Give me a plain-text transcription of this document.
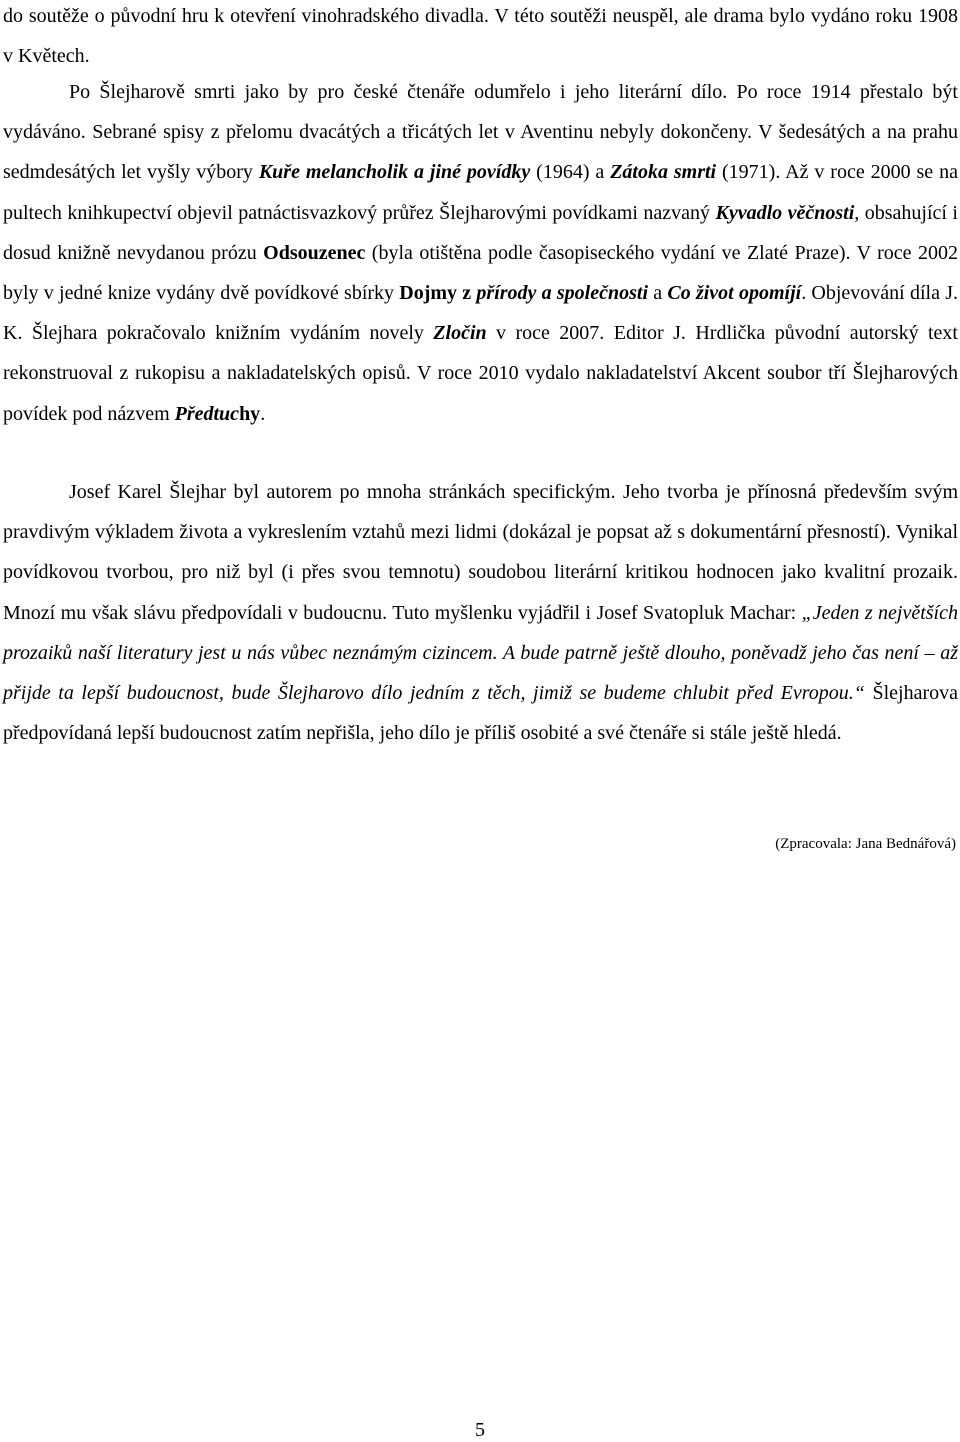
do soutěže o původní hru k otevření vinohradského divadla. V této soutěži neuspěl, ale drama bylo vydáno roku 1908 v Květech.

Po Šlejharově smrti jako by pro české čtenáře odumřelo i jeho literární dílo. Po roce 1914 přestalo být vydáváno. Sebrané spisy z přelomu dvacátých a třicátých let v Aventinu nebyly dokončeny. V šedesátých a na prahu sedmdesátých let vyšly výbory Kuře melancholik a jiné povídky (1964) a Zátoka smrti (1971). Až v roce 2000 se na pultech knihkupectví objevil patnáctisvazkový průřez Šlejharovými povídkami nazvaný Kyvadlo věčnosti, obsahující i dosud knižně nevydanou prózu Odsouzenec (byla otištěna podle časopiseckého vydání ve Zlaté Praze). V roce 2002 byly v jedné knize vydány dvě povídkové sbírky Dojmy z přírody a společnosti a Co život opomíjí. Objevování díla J. K. Šlejhara pokračovalo knižním vydáním novely Zločin v roce 2007. Editor J. Hrdlička původní autorský text rekonstruoval z rukopisu a nakladatelských opisů. V roce 2010 vydalo nakladatelství Akcent soubor tří Šlejharových povídek pod názvem Předtuchy.

Josef Karel Šlejhar byl autorem po mnoha stránkách specifickým. Jeho tvorba je přínosná především svým pravdivým výkladem života a vykreslením vztahů mezi lidmi (dokázal je popsat až s dokumentární přesností). Vynikal povídkovou tvorbou, pro niž byl (i přes svou temnotu) soudobou literární kritikou hodnocen jako kvalitní prozaik. Mnozí mu však slávu předpovídali v budoucnu. Tuto myšlenku vyjádřil i Josef Svatopluk Machar: „Jeden z největších prozaiků naší literatury jest u nás vůbec neznámým cizincem. A bude patrně ještě dlouho, poněvadž jeho čas není – až přijde ta lepší budoucnost, bude Šlejharovo dílo jedním z těch, jimiž se budeme chlubit před Evropou.“ Šlejharova předpovídaná lepší budoucnost zatím nepřišla, jeho dílo je příliš osobité a své čtenáře si stále ještě hledá.

(Zpracovala: Jana Bednářová)

5
